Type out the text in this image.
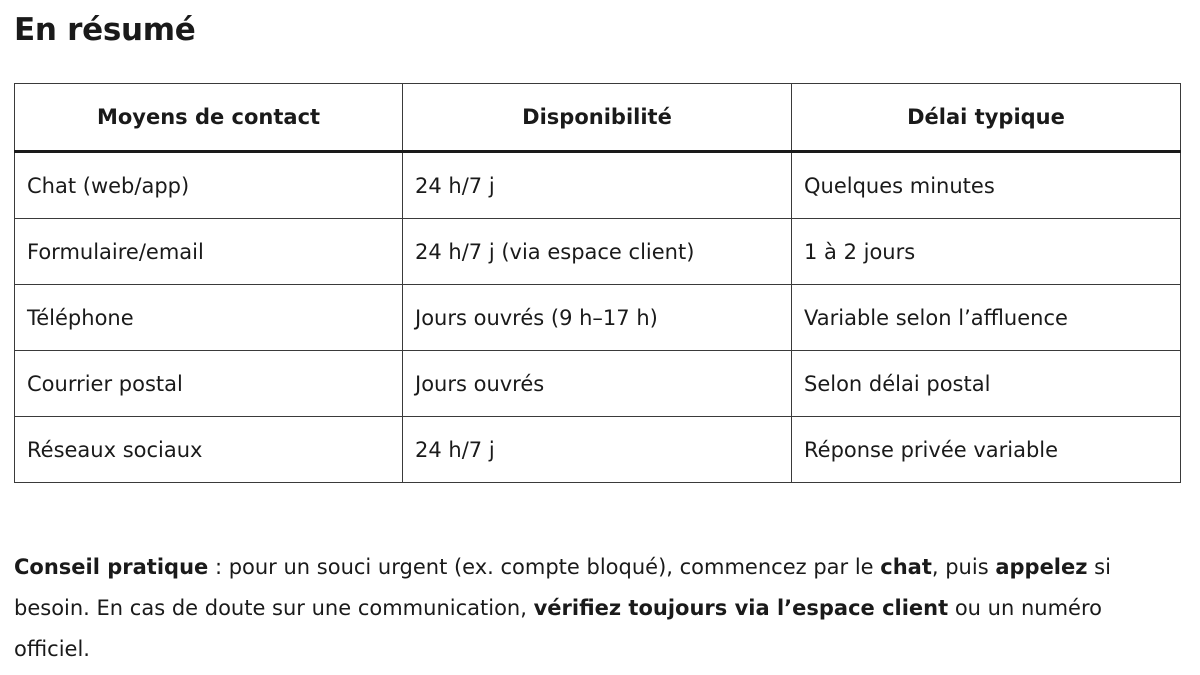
En résumé
Moyens de contact	Disponibilité	Délai typique
Chat (web/app)	24 h/7 j	Quelques minutes
Formulaire/email	24 h/7 j (via espace client)	1 à 2 jours
Téléphone	Jours ouvrés (9 h–17 h)	Variable selon l’affluence
Courrier postal	Jours ouvrés	Selon délai postal
Réseaux sociaux	24 h/7 j	Réponse privée variable

Conseil pratique : pour un souci urgent (ex. compte bloqué), commencez par le chat, puis appelez si besoin. En cas de doute sur une communication, vérifiez toujours via l’espace client ou un numéro officiel.
